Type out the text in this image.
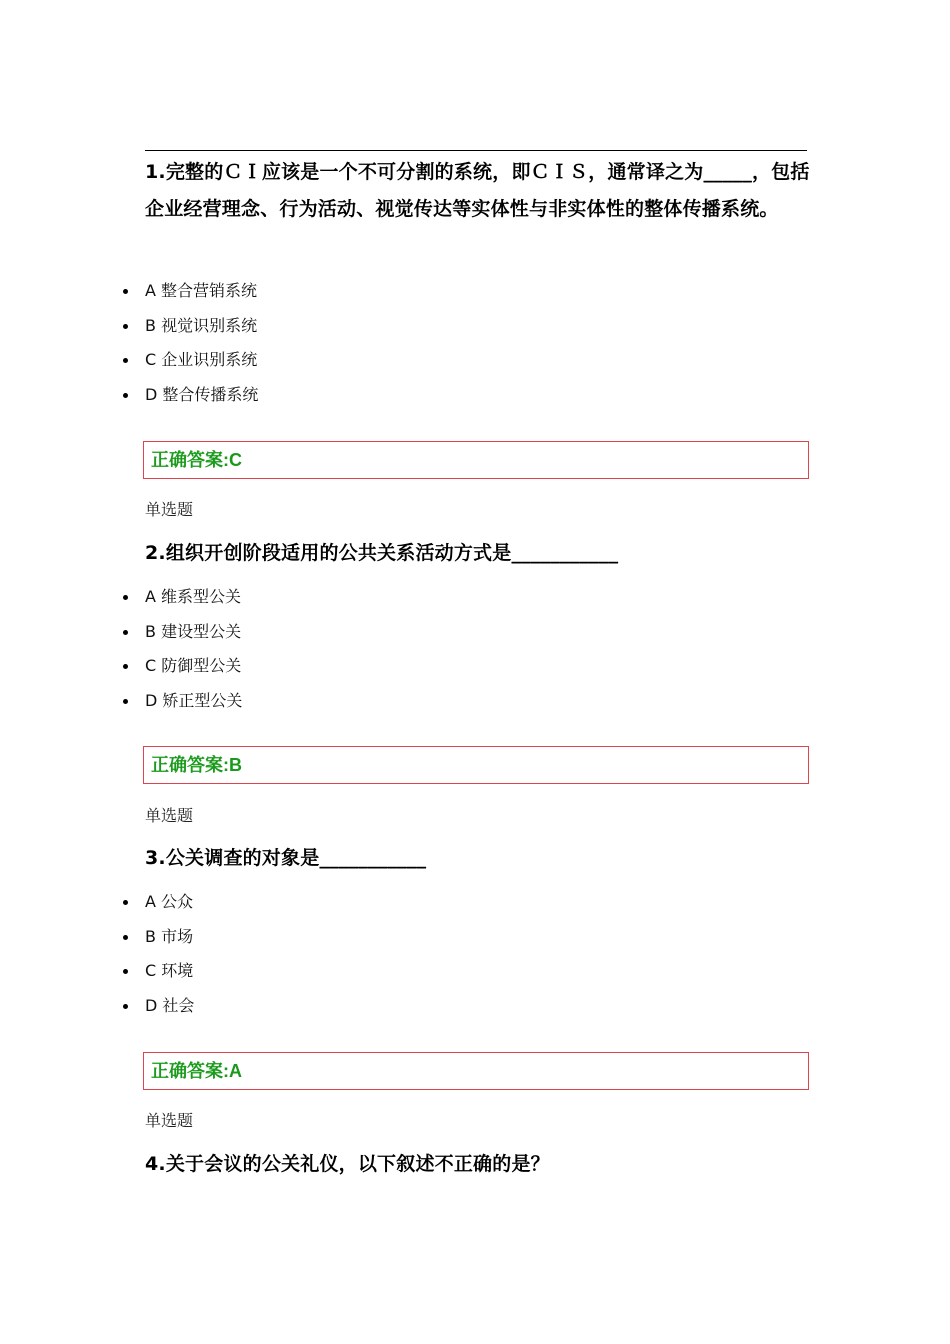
1.完整的ＣＩ应该是一个不可分割的系统，即ＣＩＳ，通常译之为_____，包括企业经营理念、行为活动、视觉传达等实体性与非实体性的整体传播系统。
A 整合营销系统
B 视觉识别系统
C 企业识别系统
D 整合传播系统
正确答案:C
单选题
2.组织开创阶段适用的公共关系活动方式是___________
A 维系型公关
B 建设型公关
C 防御型公关
D 矫正型公关
正确答案:B
单选题
3.公关调查的对象是___________
A 公众
B 市场
C 环境
D 社会
正确答案:A
单选题
4.关于会议的公关礼仪，以下叙述不正确的是？
